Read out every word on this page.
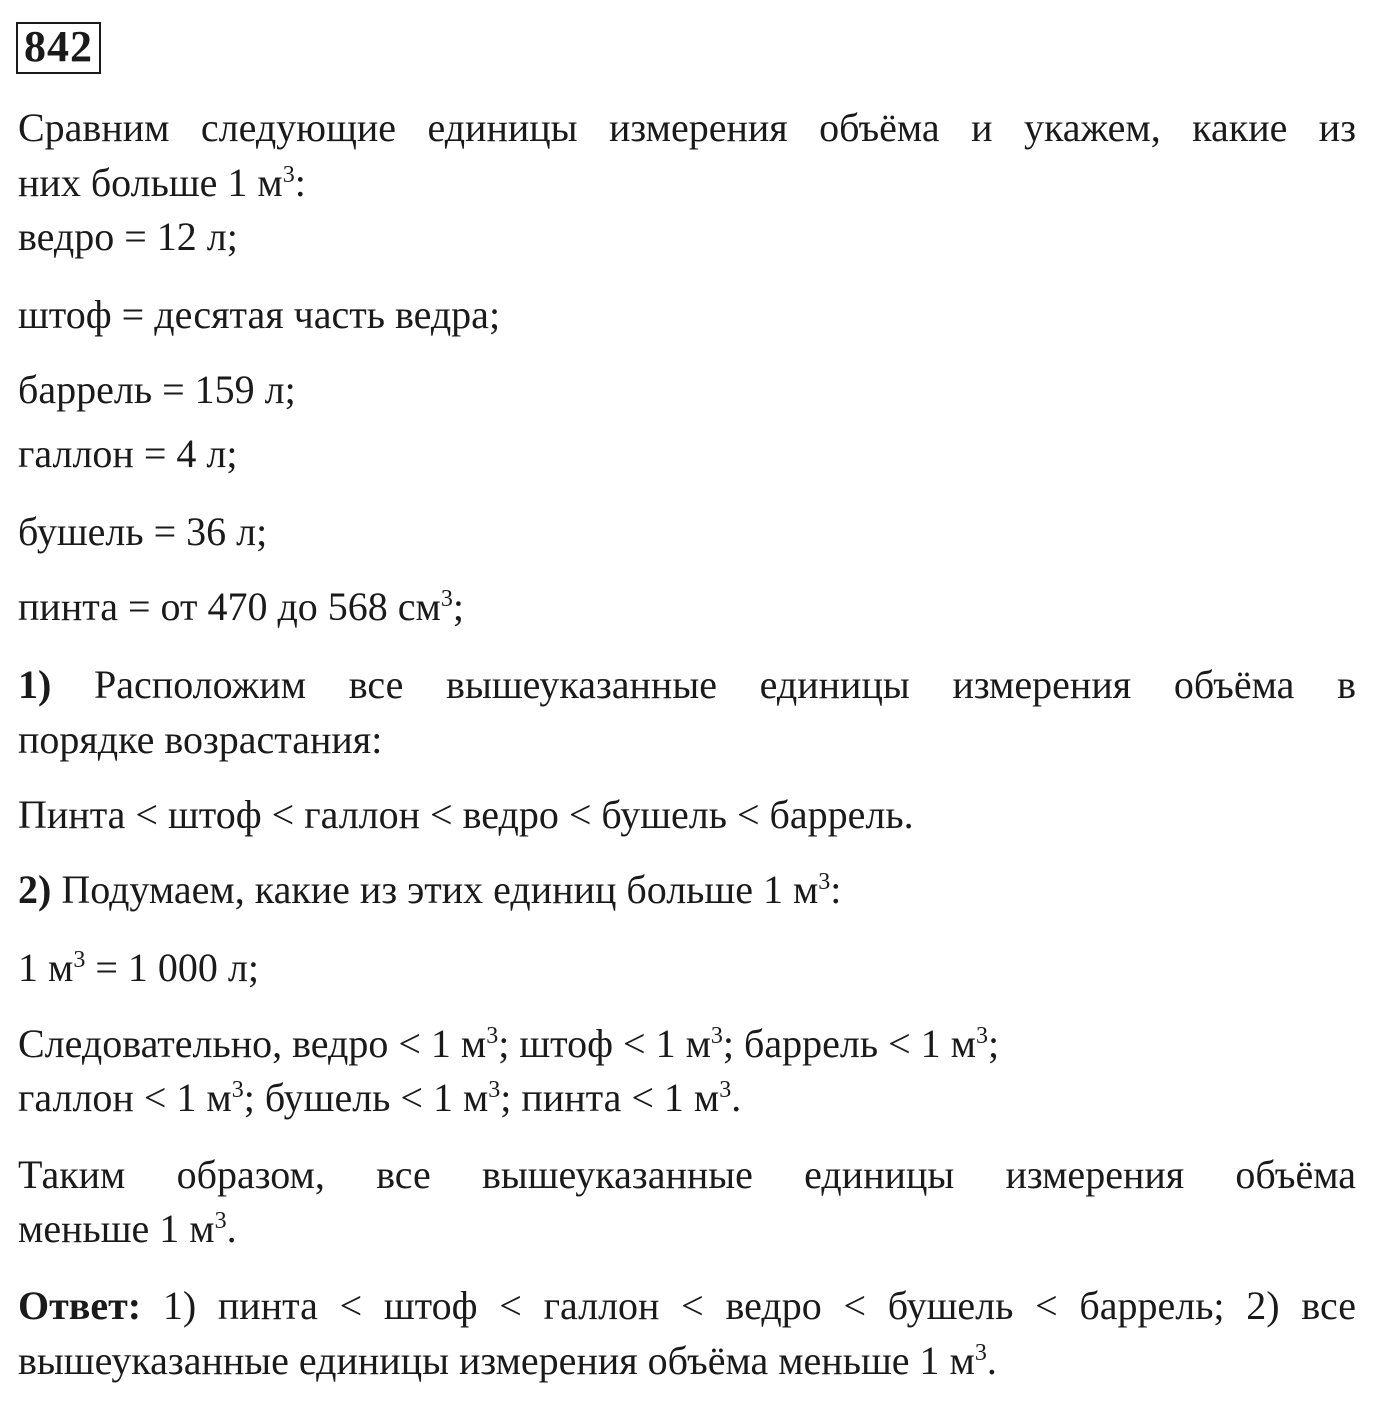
842
Сравним следующие единицы измерения объёма и укажем, какие из
них больше 1 $м^3$:
ведро = 12 л;
штоф = десятая часть ведра;
баррель = 159 л;
галлон = 4 л;
бушель = 36 л;
пинта = от 470 до 568 $см^3$;
1) Расположим все вышеуказанные единицы измерения объёма в
порядке возрастания:
Пинта < штоф < галлон < ведро < бушель < баррель.
2) Подумаем, какие из этих единиц больше 1 $м^3$:
1 $м^3 = 1$ 000 л;
Следовательно, ведро < 1 $м^3$; штоф < 1 $м^3$; баррель < 1 $м^3$;
галлон < 1 $м^3$; бушель < 1 $м^3$; пинта < 1 $м^3$.
Таким образом, все вышеуказанные единицы измерения объёма
меньше 1 $м^3$.
Ответ: 1) пинта < штоф < галлон < ведро < бушель < баррель; 2) все
вышеуказанные единицы измерения объёма меньше 1 $м^3$.
